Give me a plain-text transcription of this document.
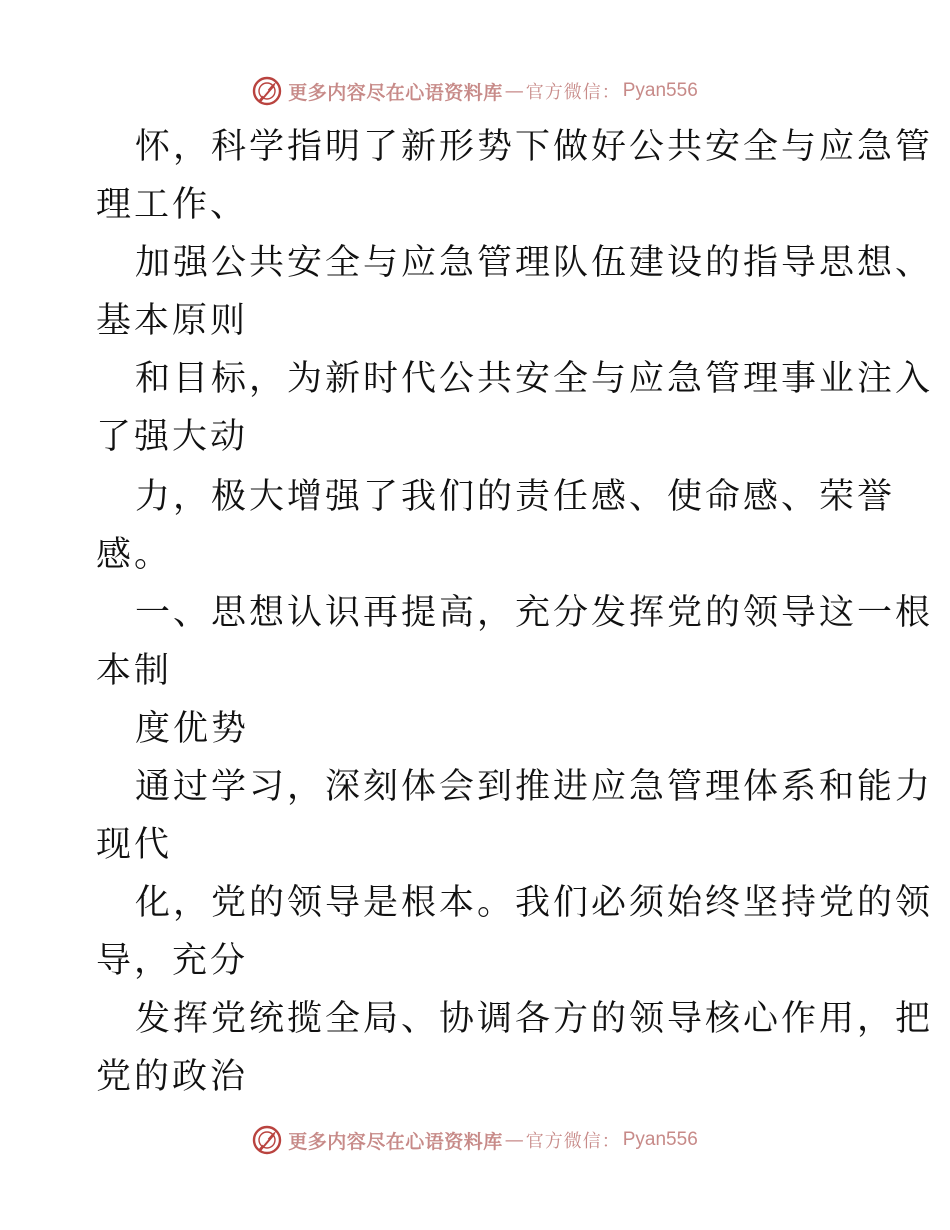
更多内容尽在心语资料库 — 官方微信： Pyan556
怀，科学指明了新形势下做好公共安全与应急管
理工作、
加强公共安全与应急管理队伍建设的指导思想、
基本原则
和目标，为新时代公共安全与应急管理事业注入
了强大动
力，极大增强了我们的责任感、使命感、荣誉
感。
一、思想认识再提高，充分发挥党的领导这一根
本制
度优势
通过学习，深刻体会到推进应急管理体系和能力
现代
化，党的领导是根本。我们必须始终坚持党的领
导，充分
发挥党统揽全局、协调各方的领导核心作用，把
党的政治
更多内容尽在心语资料库 — 官方微信： Pyan556
